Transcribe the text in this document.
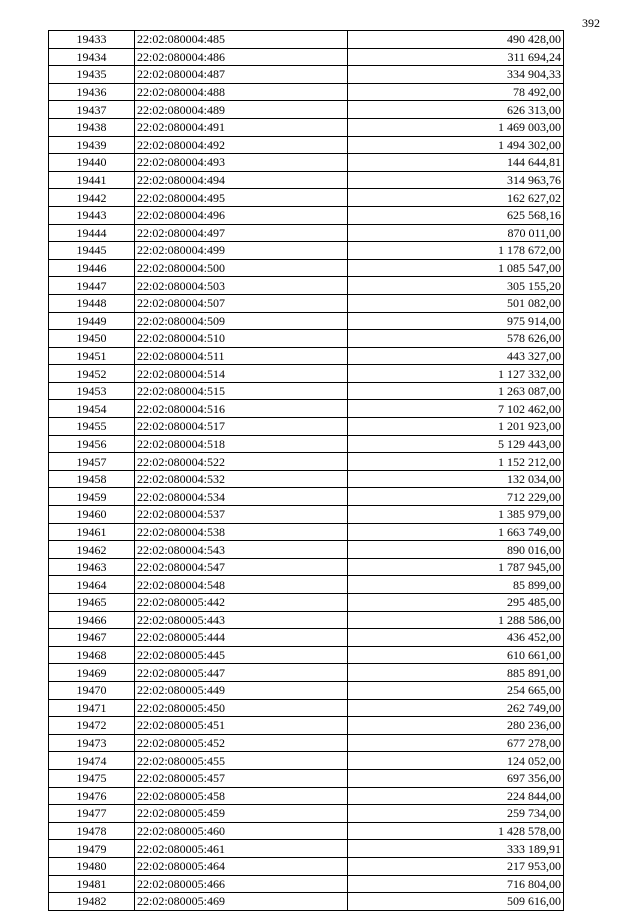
392
19433	22:02:080004:485	490 428,00
19434	22:02:080004:486	311 694,24
19435	22:02:080004:487	334 904,33
19436	22:02:080004:488	78 492,00
19437	22:02:080004:489	626 313,00
19438	22:02:080004:491	1 469 003,00
19439	22:02:080004:492	1 494 302,00
19440	22:02:080004:493	144 644,81
19441	22:02:080004:494	314 963,76
19442	22:02:080004:495	162 627,02
19443	22:02:080004:496	625 568,16
19444	22:02:080004:497	870 011,00
19445	22:02:080004:499	1 178 672,00
19446	22:02:080004:500	1 085 547,00
19447	22:02:080004:503	305 155,20
19448	22:02:080004:507	501 082,00
19449	22:02:080004:509	975 914,00
19450	22:02:080004:510	578 626,00
19451	22:02:080004:511	443 327,00
19452	22:02:080004:514	1 127 332,00
19453	22:02:080004:515	1 263 087,00
19454	22:02:080004:516	7 102 462,00
19455	22:02:080004:517	1 201 923,00
19456	22:02:080004:518	5 129 443,00
19457	22:02:080004:522	1 152 212,00
19458	22:02:080004:532	132 034,00
19459	22:02:080004:534	712 229,00
19460	22:02:080004:537	1 385 979,00
19461	22:02:080004:538	1 663 749,00
19462	22:02:080004:543	890 016,00
19463	22:02:080004:547	1 787 945,00
19464	22:02:080004:548	85 899,00
19465	22:02:080005:442	295 485,00
19466	22:02:080005:443	1 288 586,00
19467	22:02:080005:444	436 452,00
19468	22:02:080005:445	610 661,00
19469	22:02:080005:447	885 891,00
19470	22:02:080005:449	254 665,00
19471	22:02:080005:450	262 749,00
19472	22:02:080005:451	280 236,00
19473	22:02:080005:452	677 278,00
19474	22:02:080005:455	124 052,00
19475	22:02:080005:457	697 356,00
19476	22:02:080005:458	224 844,00
19477	22:02:080005:459	259 734,00
19478	22:02:080005:460	1 428 578,00
19479	22:02:080005:461	333 189,91
19480	22:02:080005:464	217 953,00
19481	22:02:080005:466	716 804,00
19482	22:02:080005:469	509 616,00
